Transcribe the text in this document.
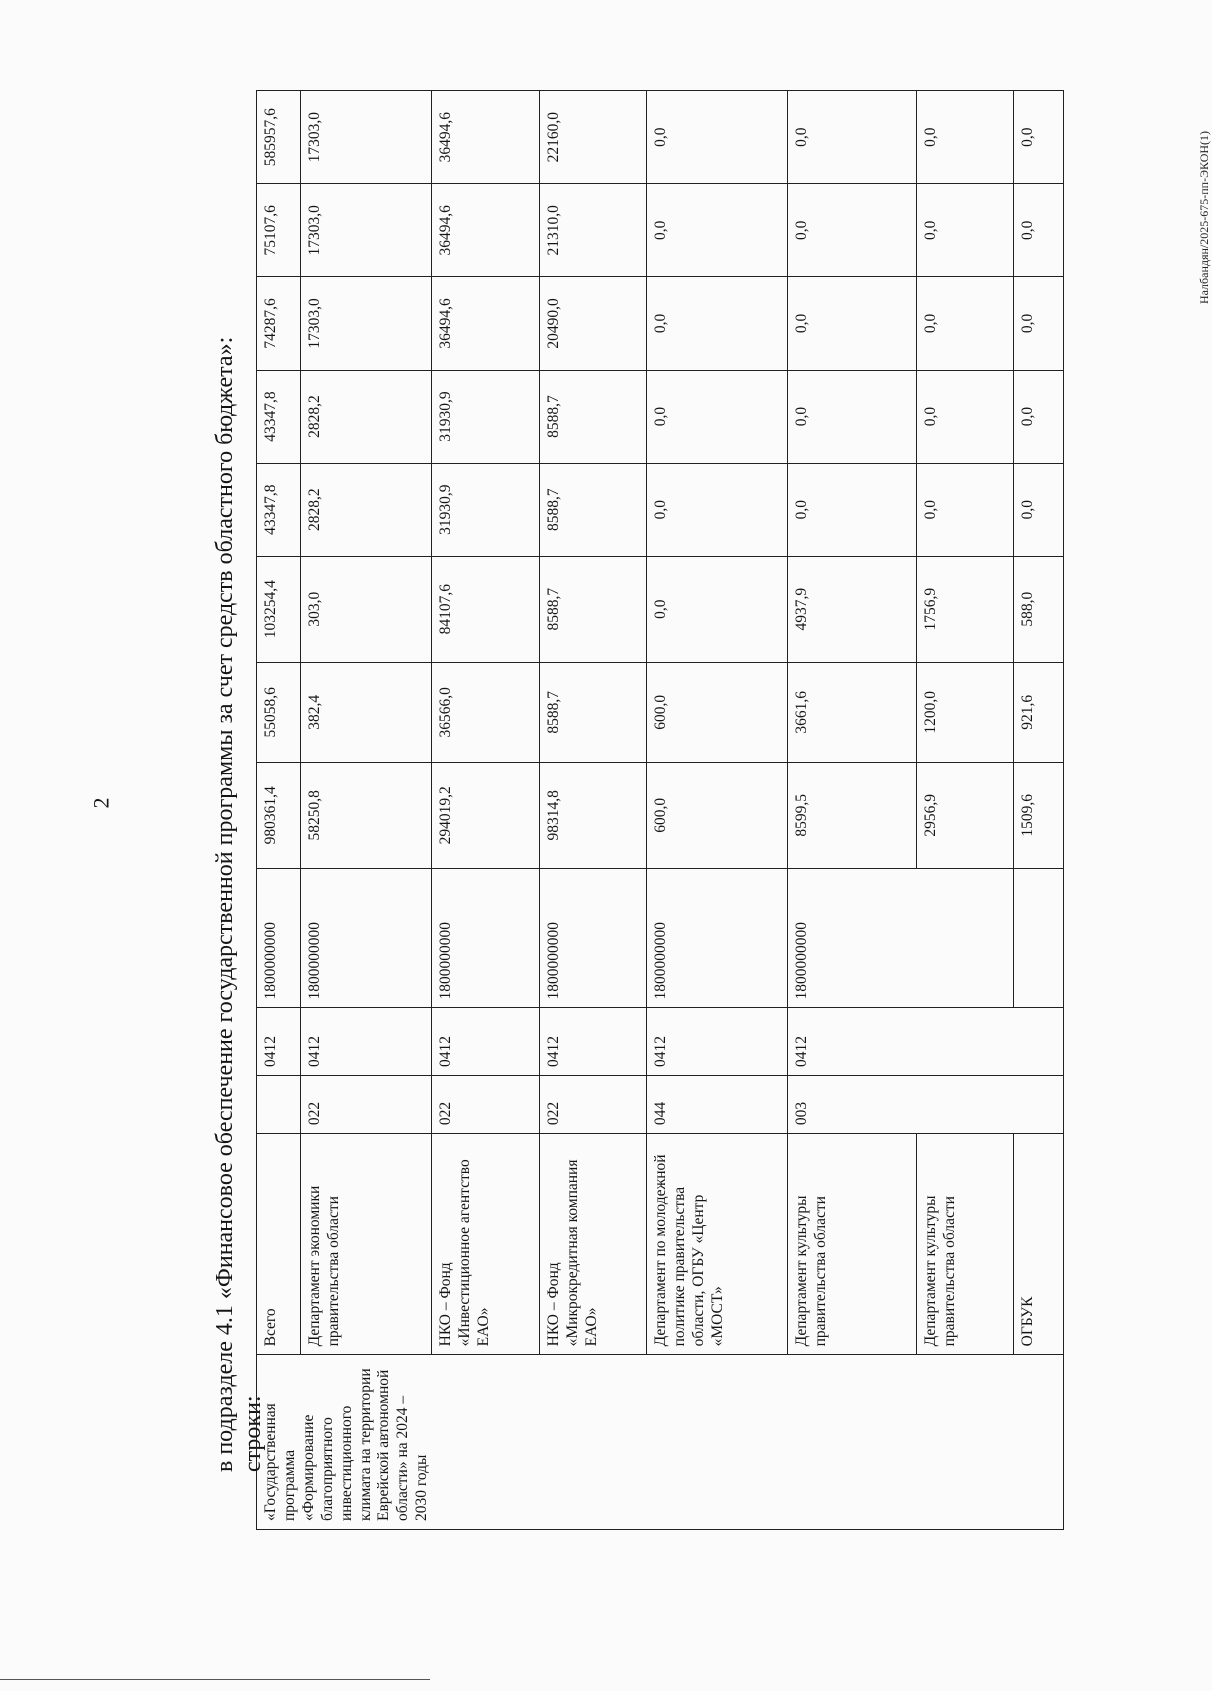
2
Налбандян/2025-675-пп-ЭКОН(1)
в подразделе 4.1 «Финансовое обеспечение государственной программы за счет средств областного бюджета»: строки:
«Государственная программа «Формирование благоприятного инвестиционного климата на территории Еврейской автономной области» на 2024 – 2030 годы	Всего		0412	1800000000	980361,4	55058,6	103254,4	43347,8	43347,8	74287,6	75107,6	585957,6
	Департамент экономики правительства области	022	0412	1800000000	58250,8	382,4	303,0	2828,2	2828,2	17303,0	17303,0	17303,0
	НКО – Фонд «Инвестиционное агентство ЕАО»	022	0412	1800000000	294019,2	36566,0	84107,6	31930,9	31930,9	36494,6	36494,6	36494,6
	НКО – Фонд «Микрокредитная компания ЕАО»	022	0412	1800000000	98314,8	8588,7	8588,7	8588,7	8588,7	20490,0	21310,0	22160,0
	Департамент по молодежной политике правительства области, ОГБУ «Центр «МОСТ»	044	0412	1800000000	600,0	600,0	0,0	0,0	0,0	0,0	0,0	0,0
	Департамент культуры правительства области	003	0412	1800000000	8599,5	3661,6	4937,9	0,0	0,0	0,0	0,0	0,0
	Департамент культуры правительства области				2956,9	1200,0	1756,9	0,0	0,0	0,0	0,0	0,0
	ОГБУК				1509,6	921,6	588,0	0,0	0,0	0,0	0,0	0,0
